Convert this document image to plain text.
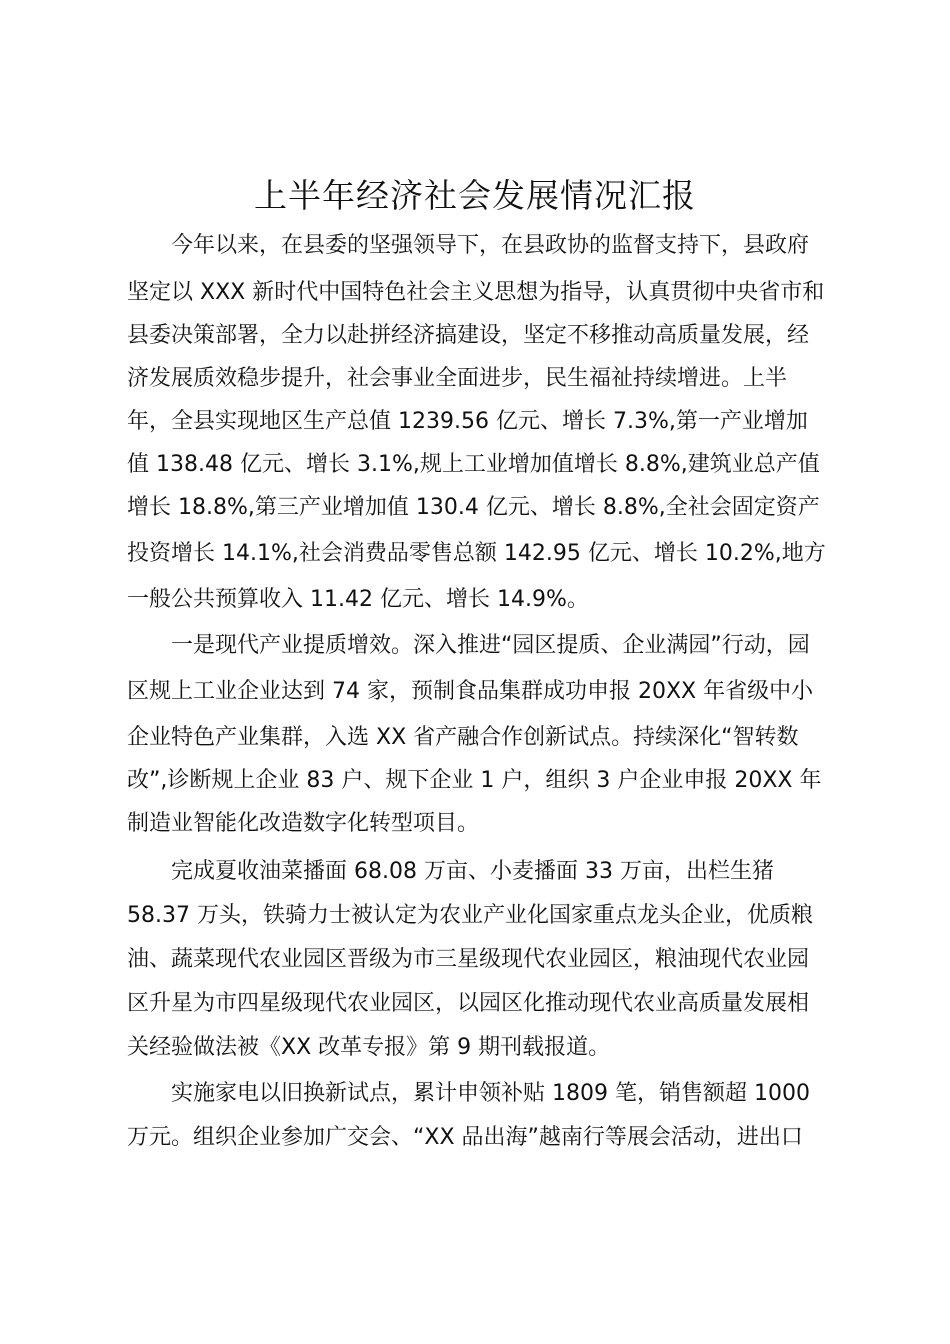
上半年经济社会发展情况汇报
今年以来，在县委的坚强领导下，在县政协的监督支持下，县政府
坚定以 XXX 新时代中国特色社会主义思想为指导，认真贯彻中央省市和
县委决策部署，全力以赴拼经济搞建设，坚定不移推动高质量发展，经
济发展质效稳步提升，社会事业全面进步，民生福祉持续增进。上半
年，全县实现地区生产总值 1239.56 亿元、增长 7.3%,第一产业增加
值 138.48 亿元、增长 3.1%,规上工业增加值增长 8.8%,建筑业总产值
增长 18.8%,第三产业增加值 130.4 亿元、增长 8.8%,全社会固定资产
投资增长 14.1%,社会消费品零售总额 142.95 亿元、增长 10.2%,地方
一般公共预算收入 11.42 亿元、增长 14.9%。
一是现代产业提质增效。深入推进“园区提质、企业满园”行动，园
区规上工业企业达到 74 家，预制食品集群成功申报 20XX 年省级中小
企业特色产业集群，入选 XX 省产融合作创新试点。持续深化“智转数
改”,诊断规上企业 83 户、规下企业 1 户，组织 3 户企业申报 20XX 年
制造业智能化改造数字化转型项目。
完成夏收油菜播面 68.08 万亩、小麦播面 33 万亩，出栏生猪
58.37 万头，铁骑力士被认定为农业产业化国家重点龙头企业，优质粮
油、蔬菜现代农业园区晋级为市三星级现代农业园区，粮油现代农业园
区升星为市四星级现代农业园区，以园区化推动现代农业高质量发展相
关经验做法被《XX 改革专报》第 9 期刊载报道。
实施家电以旧换新试点，累计申领补贴 1809 笔，销售额超 1000
万元。组织企业参加广交会、“XX 品出海”越南行等展会活动，进出口
